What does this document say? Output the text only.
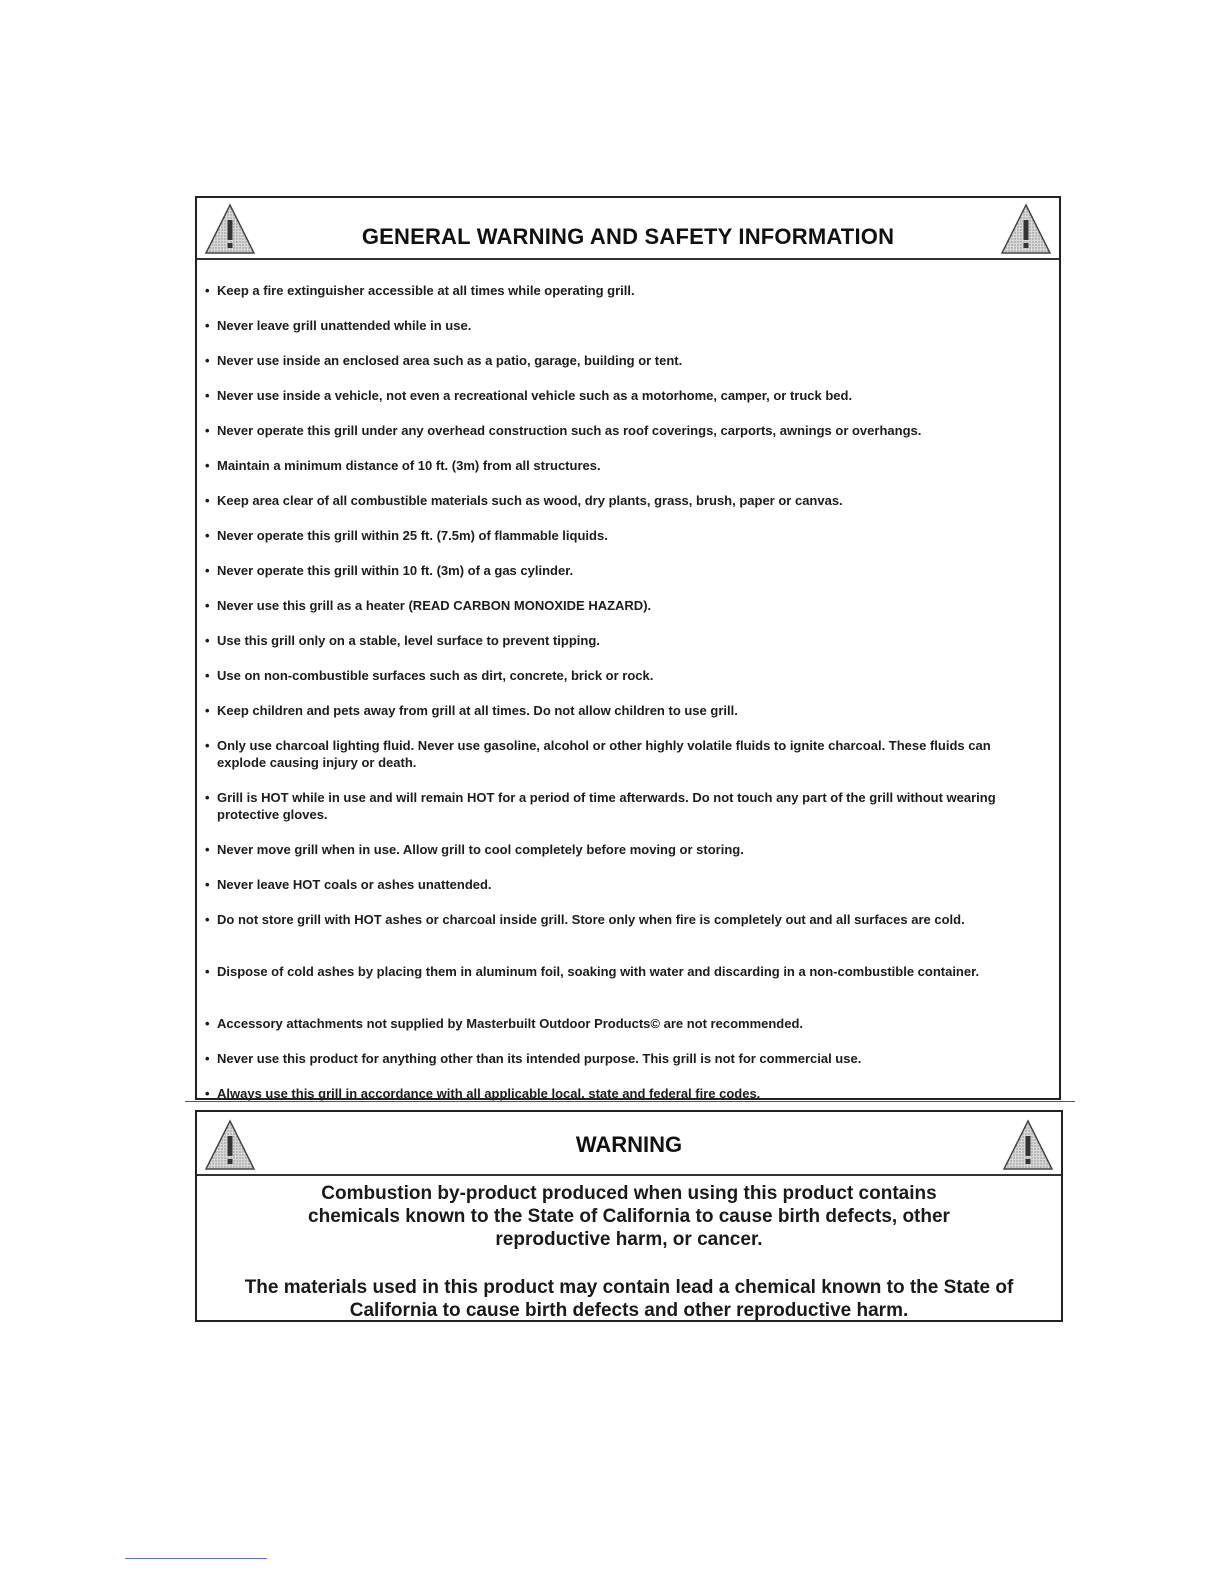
GENERAL WARNING AND SAFETY INFORMATION
• Keep a fire extinguisher accessible at all times while operating grill.
• Never leave grill unattended while in use.
• Never use inside an enclosed area such as a patio, garage, building or tent.
• Never use inside a vehicle, not even a recreational vehicle such as a motorhome, camper, or truck bed.
• Never operate this grill under any overhead construction such as roof coverings, carports, awnings or overhangs.
• Maintain a minimum distance of 10 ft. (3m) from all structures.
• Keep area clear of all combustible materials such as wood, dry plants, grass, brush, paper or canvas.
• Never operate this grill within 25 ft. (7.5m) of flammable liquids.
• Never operate this grill within 10 ft. (3m) of a gas cylinder.
• Never use this grill as a heater (READ CARBON MONOXIDE HAZARD).
• Use this grill only on a stable, level surface to prevent tipping.
• Use on non-combustible surfaces such as dirt, concrete, brick or rock.
• Keep children and pets away from grill at all times. Do not allow children to use grill.
• Only use charcoal lighting fluid. Never use gasoline, alcohol or other highly volatile fluids to ignite charcoal. These fluids can explode causing injury or death.
• Grill is HOT while in use and will remain HOT for a period of time afterwards. Do not touch any part of the grill without wearing protective gloves.
• Never move grill when in use. Allow grill to cool completely before moving or storing.
• Never leave HOT coals or ashes unattended.
• Do not store grill with HOT ashes or charcoal inside grill. Store only when fire is completely out and all surfaces are cold.
• Dispose of cold ashes by placing them in aluminum foil, soaking with water and discarding in a non-combustible container.
• Accessory attachments not supplied by Masterbuilt Outdoor Products© are not recommended.
• Never use this product for anything other than its intended purpose. This grill is not for commercial use.
• Always use this grill in accordance with all applicable local, state and federal fire codes.
WARNING
Combustion by-product produced when using this product contains chemicals known to the State of California to cause birth defects, other reproductive harm, or cancer.
The materials used in this product may contain lead a chemical known to the State of California to cause birth defects and other reproductive harm.
